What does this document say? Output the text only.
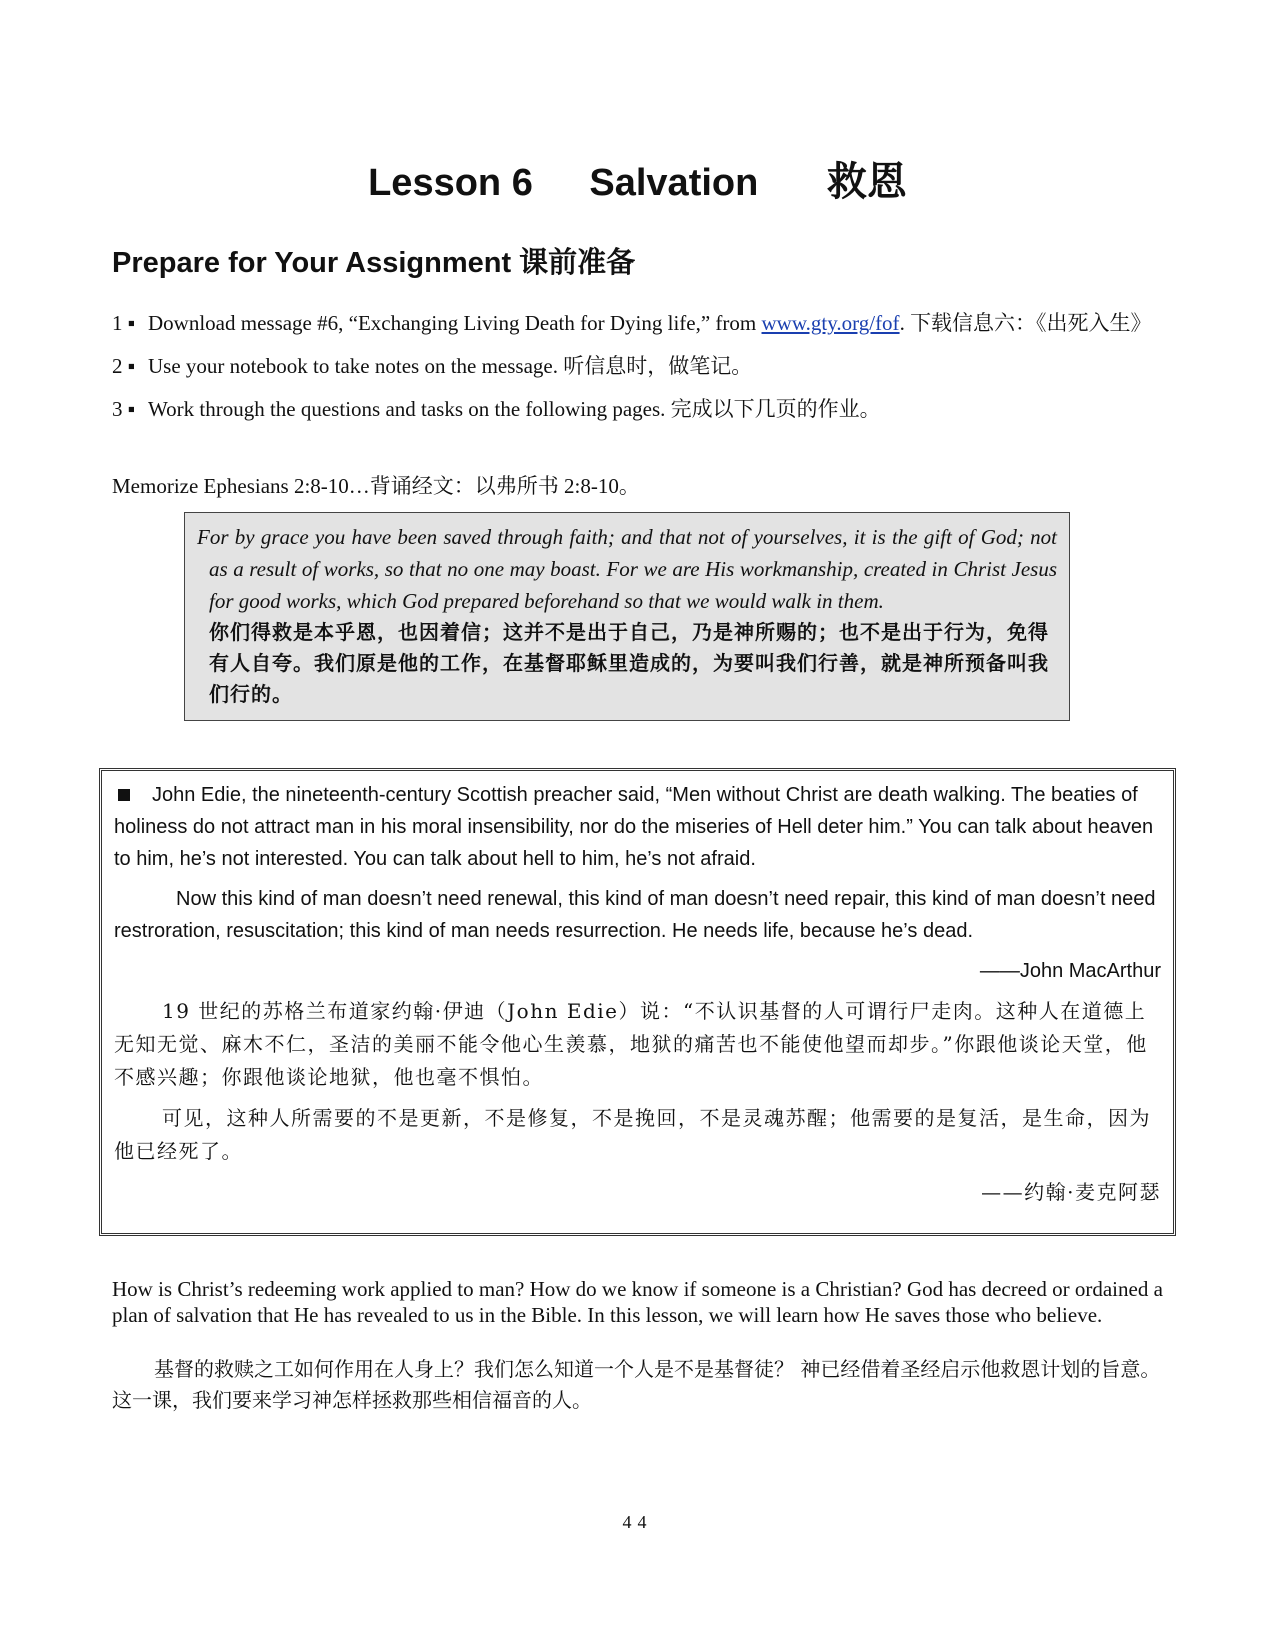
Lesson 6 Salvation 救恩
Prepare for Your Assignment 课前准备
1 ▪ Download message #6, “Exchanging Living Death for Dying life,” from www.gty.org/fof. 下载信息六：《出死入生》
2 ▪ Use your notebook to take notes on the message. 听信息时，做笔记。
3 ▪ Work through the questions and tasks on the following pages. 完成以下几页的作业。
Memorize Ephesians 2:8-10…背诵经文：以弗所书 2:8-10。
For by grace you have been saved through faith; and that not of yourselves, it is the gift of God; not as a result of works, so that no one may boast. For we are His workmanship, created in Christ Jesus for good works, which God prepared beforehand so that we would walk in them.
你们得救是本乎恩，也因着信；这并不是出于自己，乃是神所赐的；也不是出于行为，免得有人自夸。我们原是他的工作，在基督耶稣里造成的，为要叫我们行善，就是神所预备叫我们行的。

John Edie, the nineteenth-century Scottish preacher said, “Men without Christ are death walking. The beaties of holiness do not attract man in his moral insensibility, nor do the miseries of Hell deter him.” You can talk about heaven to him, he’s not interested. You can talk about hell to him, he’s not afraid.

Now this kind of man doesn’t need renewal, this kind of man doesn’t need repair, this kind of man doesn’t need restroration, resuscitation; this kind of man needs resurrection. He needs life, because he’s dead.

——John MacArthur

19 世纪的苏格兰布道家约翰·伊迪（John Edie）说：“不认识基督的人可谓行尸走肉。这种人在道德上无知无觉、麻木不仁，圣洁的美丽不能令他心生羡慕，地狱的痛苦也不能使他望而却步。”你跟他谈论天堂，他不感兴趣；你跟他谈论地狱，他也毫不惧怕。

可见，这种人所需要的不是更新，不是修复，不是挽回，不是灵魂苏醒；他需要的是复活，是生命，因为他已经死了。

——约翰·麦克阿瑟

How is Christ’s redeeming work applied to man? How do we know if someone is a Christian? God has decreed or ordained a plan of salvation that He has revealed to us in the Bible. In this lesson, we will learn how He saves those who believe.
基督的救赎之工如何作用在人身上？我们怎么知道一个人是不是基督徒？ 神已经借着圣经启示他救恩计划的旨意。这一课，我们要来学习神怎样拯救那些相信福音的人。
44
